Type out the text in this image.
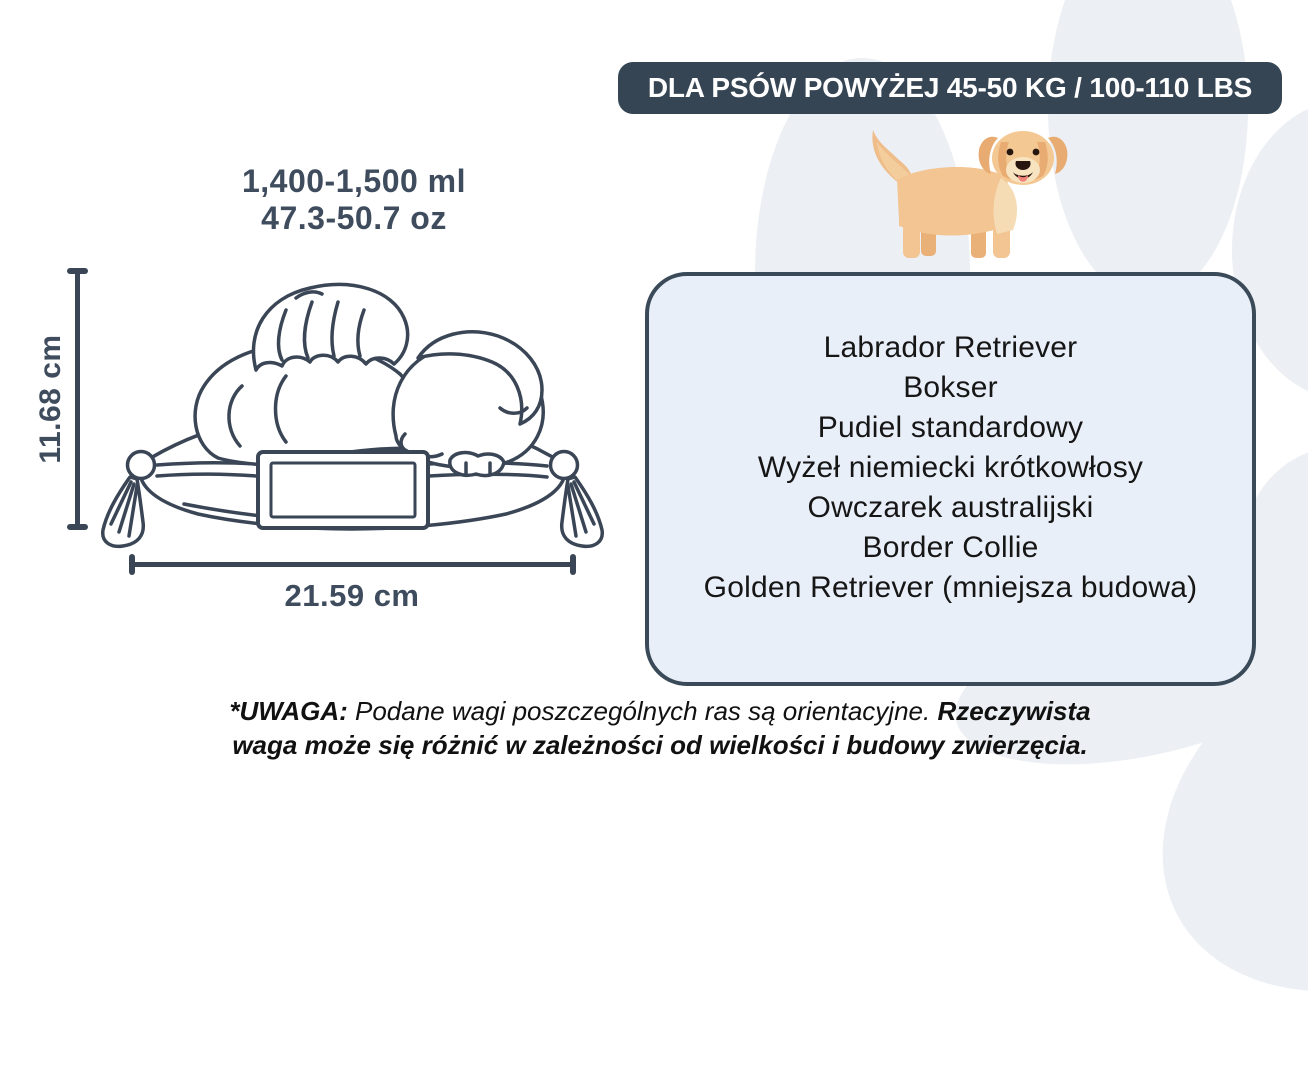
DLA PSÓW POWYŻEJ 45-50 KG / 100-110 LBS
Labrador Retriever
Bokser
Pudiel standardowy
Wyżeł niemiecki krótkowłosy
Owczarek australijski
Border Collie
Golden Retriever (mniejsza budowa)
1,400-1,500 ml
47.3-50.7 oz
11.68 cm
21.59 cm
*UWAGA: Podane wagi poszczególnych ras są orientacyjne. Rzeczywista waga może się różnić w zależności od wielkości i budowy zwierzęcia.
